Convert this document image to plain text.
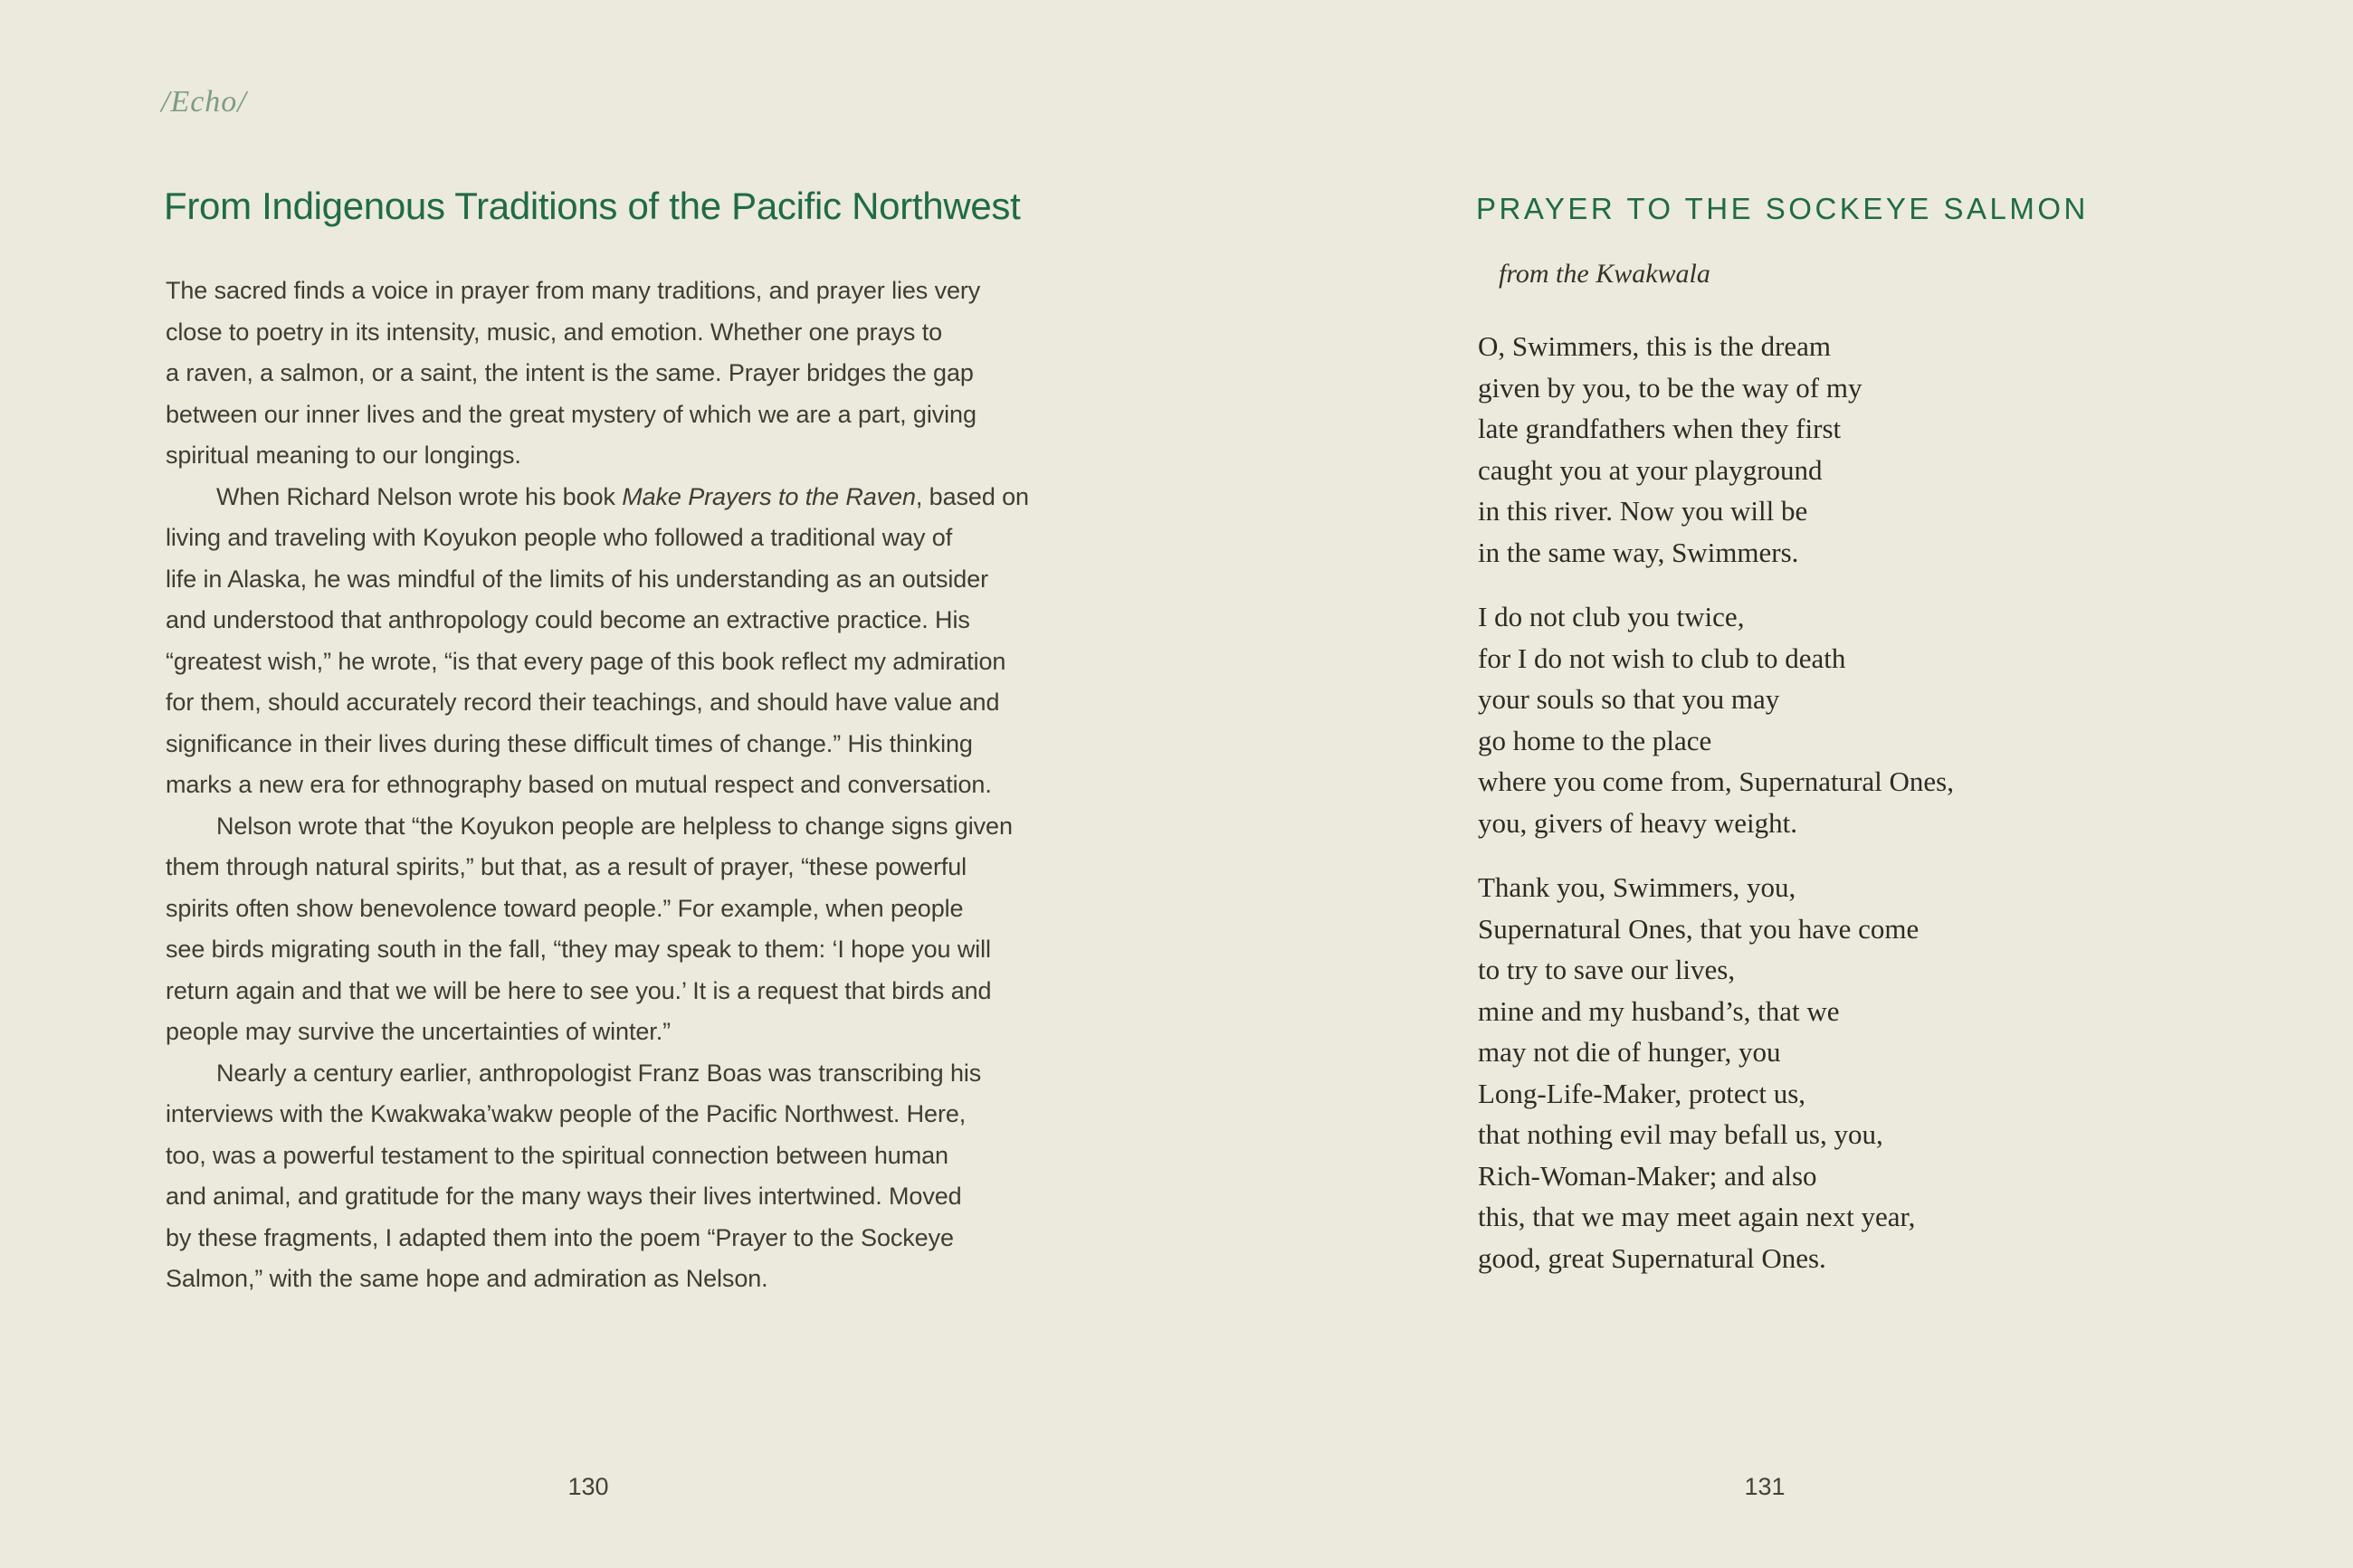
/Echo/
From Indigenous Traditions of the Pacific Northwest
The sacred finds a voice in prayer from many traditions, and prayer lies very
close to poetry in its intensity, music, and emotion. Whether one prays to
a raven, a salmon, or a saint, the intent is the same. Prayer bridges the gap
between our inner lives and the great mystery of which we are a part, giving
spiritual meaning to our longings.
When Richard Nelson wrote his book Make Prayers to the Raven, based on
living and traveling with Koyukon people who followed a traditional way of
life in Alaska, he was mindful of the limits of his understanding as an outsider
and understood that anthropology could become an extractive practice. His
“greatest wish,” he wrote, “is that every page of this book reflect my admiration
for them, should accurately record their teachings, and should have value and
significance in their lives during these difficult times of change.” His thinking
marks a new era for ethnography based on mutual respect and conversation.
Nelson wrote that “the Koyukon people are helpless to change signs given
them through natural spirits,” but that, as a result of prayer, “these powerful
spirits often show benevolence toward people.” For example, when people
see birds migrating south in the fall, “they may speak to them: ‘I hope you will
return again and that we will be here to see you.’ It is a request that birds and
people may survive the uncertainties of winter.”
Nearly a century earlier, anthropologist Franz Boas was transcribing his
interviews with the Kwakwaka’wakw people of the Pacific Northwest. Here,
too, was a powerful testament to the spiritual connection between human
and animal, and gratitude for the many ways their lives intertwined. Moved
by these fragments, I adapted them into the poem “Prayer to the Sockeye
Salmon,” with the same hope and admiration as Nelson.
130
PRAYER TO THE SOCKEYE SALMON
from the Kwakwala
O, Swimmers, this is the dream
given by you, to be the way of my
late grandfathers when they first
caught you at your playground
in this river. Now you will be
in the same way, Swimmers.
I do not club you twice,
for I do not wish to club to death
your souls so that you may
go home to the place
where you come from, Supernatural Ones,
you, givers of heavy weight.
Thank you, Swimmers, you,
Supernatural Ones, that you have come
to try to save our lives,
mine and my husband’s, that we
may not die of hunger, you
Long-Life-Maker, protect us,
that nothing evil may befall us, you,
Rich-Woman-Maker; and also
this, that we may meet again next year,
good, great Supernatural Ones.
131
